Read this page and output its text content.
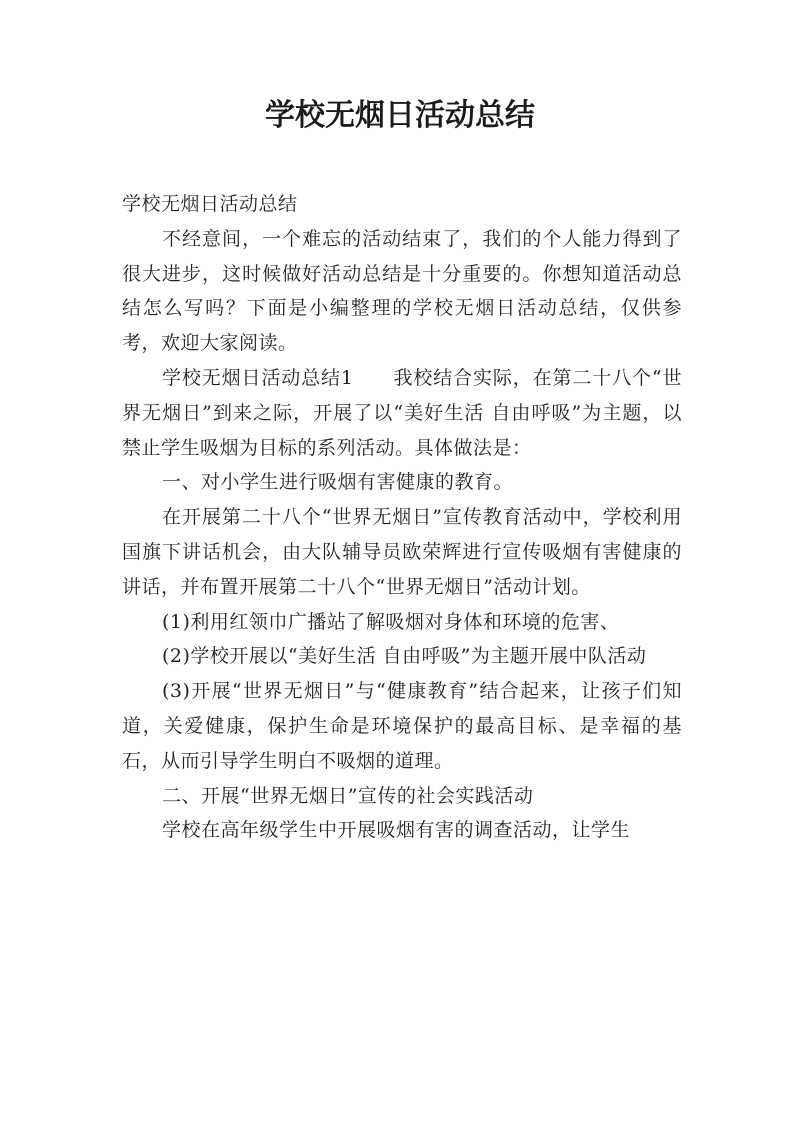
学校无烟日活动总结

学校无烟日活动总结

不经意间，一个难忘的活动结束了，我们的个人能力得到了很大进步，这时候做好活动总结是十分重要的。你想知道活动总结怎么写吗？下面是小编整理的学校无烟日活动总结，仅供参考，欢迎大家阅读。

学校无烟日活动总结1　　我校结合实际，在第二十八个“世界无烟日”到来之际，开展了以“美好生活 自由呼吸”为主题，以禁止学生吸烟为目标的系列活动。具体做法是：

一、对小学生进行吸烟有害健康的教育。

在开展第二十八个“世界无烟日”宣传教育活动中，学校利用国旗下讲话机会，由大队辅导员欧荣辉进行宣传吸烟有害健康的讲话，并布置开展第二十八个“世界无烟日”活动计划。

(1)利用红领巾广播站了解吸烟对身体和环境的危害、

(2)学校开展以“美好生活 自由呼吸”为主题开展中队活动

(3)开展“世界无烟日”与“健康教育”结合起来，让孩子们知道，关爱健康，保护生命是环境保护的最高目标、是幸福的基石，从而引导学生明白不吸烟的道理。

二、开展“世界无烟日”宣传的社会实践活动

学校在高年级学生中开展吸烟有害的调查活动，让学生
